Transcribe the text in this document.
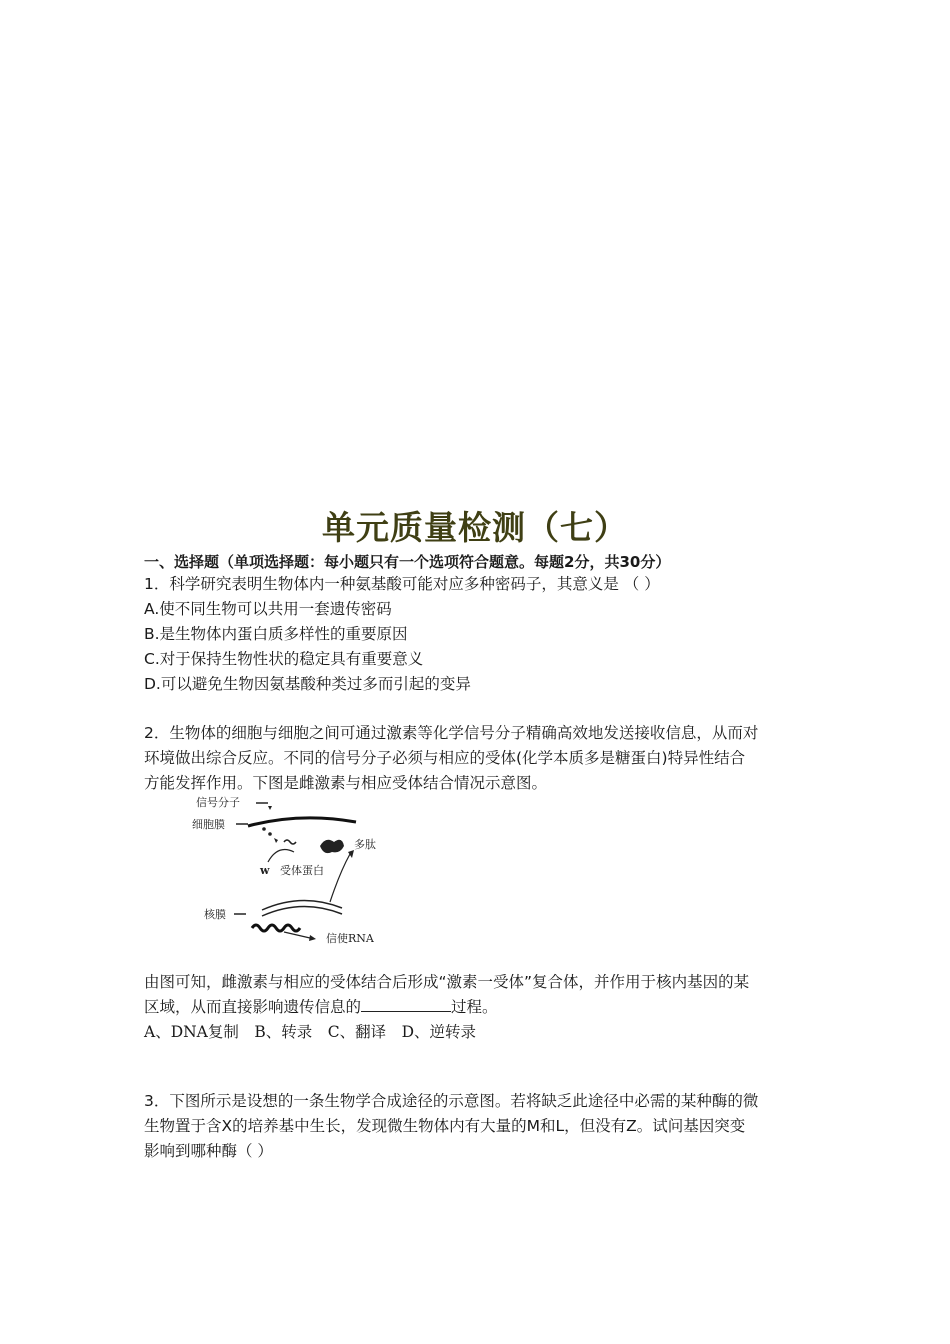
单元质量检测（七）
一、选择题（单项选择题：每小题只有一个选项符合题意。每题2分，共30分）
1．科学研究表明生物体内一种氨基酸可能对应多种密码子，其意义是 （ ）
A.使不同生物可以共用一套遗传密码
B.是生物体内蛋白质多样性的重要原因
C.对于保持生物性状的稳定具有重要意义
D.可以避免生物因氨基酸种类过多而引起的变异
2．生物体的细胞与细胞之间可通过激素等化学信号分子精确高效地发送接收信息，从而对
环境做出综合反应。不同的信号分子必须与相应的受体(化学本质多是糖蛋白)特异性结合
方能发挥作用。下图是雌激素与相应受体结合情况示意图。
信号分子
细胞膜
多肽
w 受体蛋白
核膜
信使RNA
由图可知，雌激素与相应的受体结合后形成“激素一受体”复合体，并作用于核内基因的某
区域，从而直接影响遗传信息的	过程。
A、DNA复制　B、转录　C、翻译　D、逆转录
3．下图所示是设想的一条生物学合成途径的示意图。若将缺乏此途径中必需的某种酶的微
生物置于含X的培养基中生长，发现微生物体内有大量的M和L，但没有Z。试问基因突变
影响到哪种酶（ ）
